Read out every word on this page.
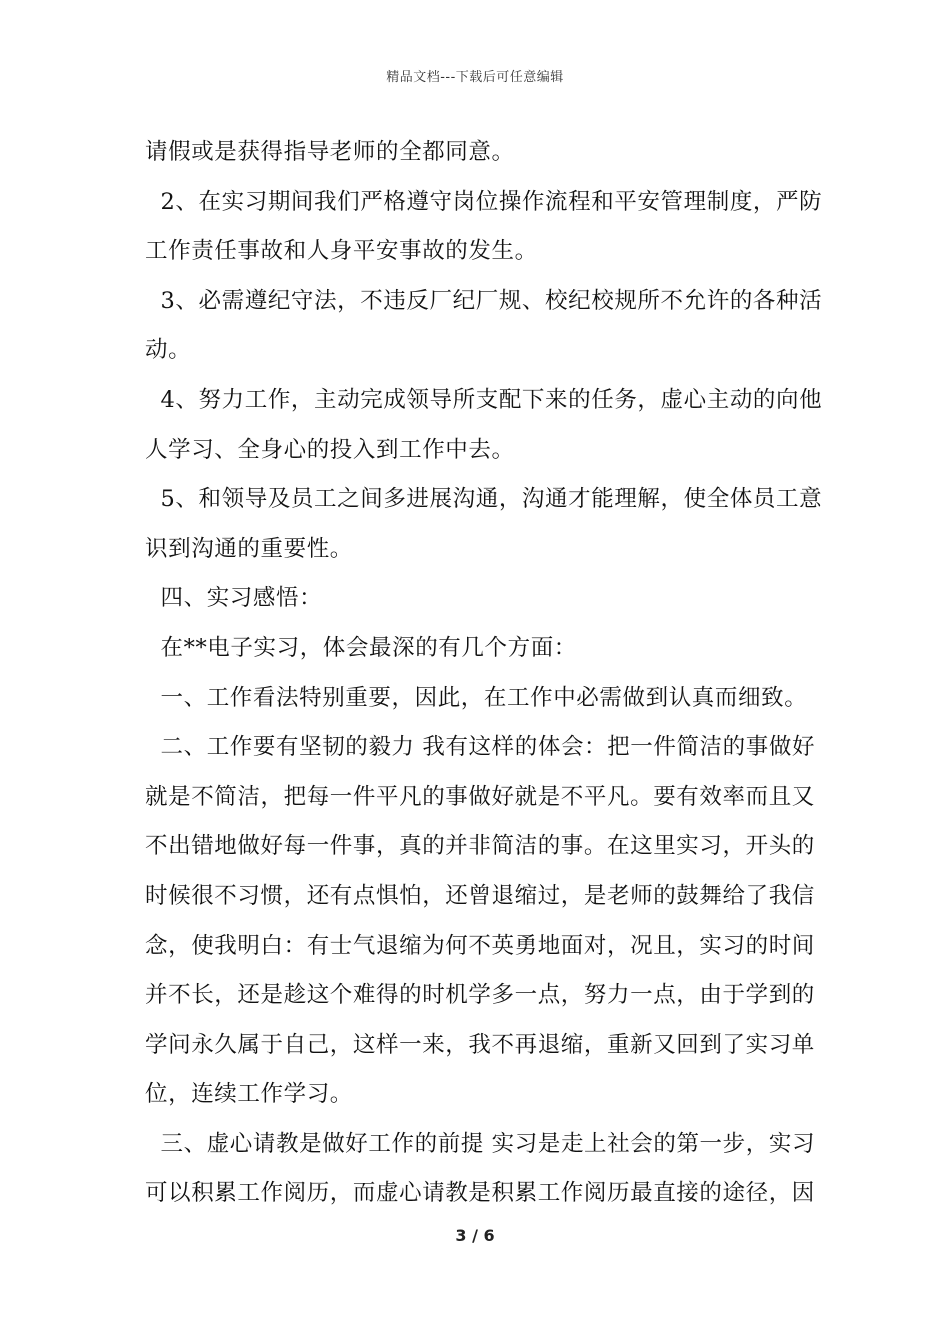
精品文档---下载后可任意编辑
请假或是获得指导老师的全都同意。
2、在实习期间我们严格遵守岗位操作流程和平安管理制度，严防
工作责任事故和人身平安事故的发生。
3、必需遵纪守法，不违反厂纪厂规、校纪校规所不允许的各种活
动。
4、努力工作，主动完成领导所支配下来的任务，虚心主动的向他
人学习、全身心的投入到工作中去。
5、和领导及员工之间多进展沟通，沟通才能理解，使全体员工意
识到沟通的重要性。
四、实习感悟：
在**电子实习，体会最深的有几个方面：
一、工作看法特别重要，因此，在工作中必需做到认真而细致。
二、工作要有坚韧的毅力 我有这样的体会：把一件简洁的事做好
就是不简洁，把每一件平凡的事做好就是不平凡。要有效率而且又
不出错地做好每一件事，真的并非简洁的事。在这里实习，开头的
时候很不习惯，还有点惧怕，还曾退缩过，是老师的鼓舞给了我信
念，使我明白：有士气退缩为何不英勇地面对，况且，实习的时间
并不长，还是趁这个难得的时机学多一点，努力一点，由于学到的
学问永久属于自己，这样一来，我不再退缩，重新又回到了实习单
位，连续工作学习。
三、虚心请教是做好工作的前提 实习是走上社会的第一步，实习
可以积累工作阅历，而虚心请教是积累工作阅历最直接的途径，因
3 / 6
